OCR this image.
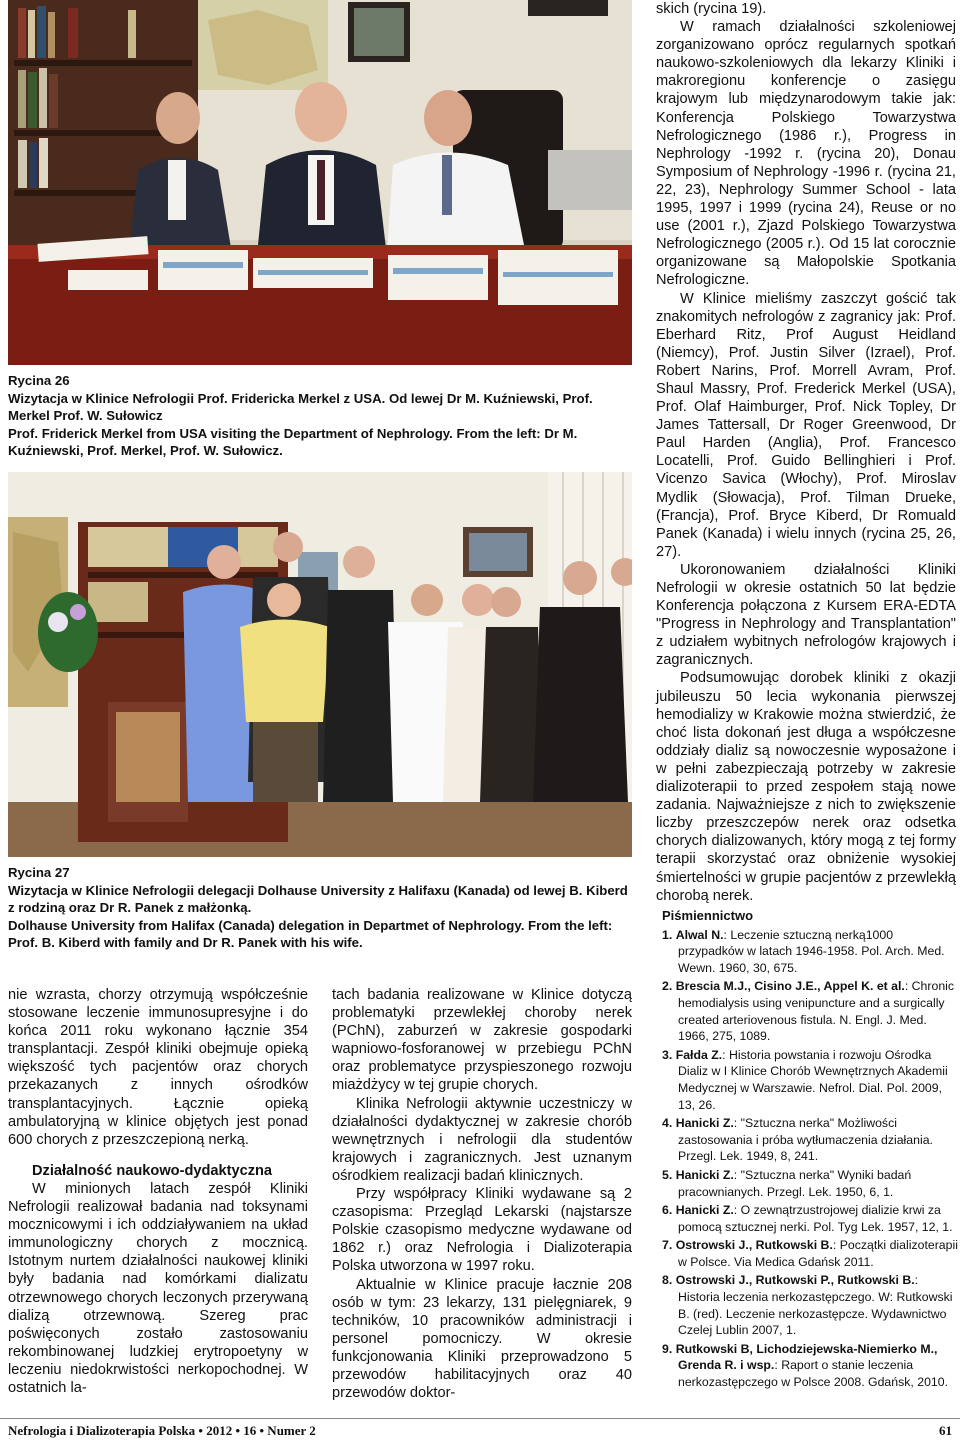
Rycina 26
Wizytacja w Klinice Nefrologii Prof. Fridericka Merkel z USA. Od lewej Dr M. Kuźniewski, Prof. Merkel Prof. W. Sułowicz

Prof. Friderick Merkel from USA visiting the Department of Nephrology. From the left: Dr M. Kuźniewski, Prof. Merkel, Prof. W. Sułowicz.

Rycina 27
Wizytacja w Klinice Nefrologii delegacji Dolhause University z Halifaxu (Kanada) od lewej B. Kiberd z rodziną oraz Dr R. Panek z małżonką.

Dolhause University from Halifax (Canada) delegation in Departmet of Nephrology. From the left: Prof. B. Kiberd with family and Dr R. Panek with his wife.

nie wzrasta, chorzy otrzymują współcześnie stosowane leczenie immunosupresyjne i do końca 2011 roku wykonano łącznie 354 transplantacji. Zespół kliniki obejmuje opieką większość tych pacjentów oraz chorych przekazanych z innych ośrodków transplantacyjnych. Łącznie opieką ambulatoryjną w klinice objętych jest ponad 600 chorych z przeszczepioną nerką.

Działalność naukowo-dydaktyczna

W minionych latach zespół Kliniki Nefrologii realizował badania nad toksynami mocznicowymi i ich oddziaływaniem na układ immunologiczny chorych z mocznicą. Istotnym nurtem działalności naukowej kliniki były badania nad komórkami dializatu otrzewnowego chorych leczonych przerywaną dializą otrzewnową. Szereg prac poświęconych zostało zastosowaniu rekombinowanej ludzkiej erytropoetyny w leczeniu niedokrwistości nerkopochodnej. W ostatnich la-

tach badania realizowane w Klinice dotyczą problematyki przewlekłej choroby nerek (PChN), zaburzeń w zakresie gospodarki wapniowo-fosforanowej w przebiegu PChN oraz problematyce przyspieszonego rozwoju miażdżycy w tej grupie chorych.

Klinika Nefrologii aktywnie uczestniczy w działalności dydaktycznej w zakresie chorób wewnętrznych i nefrologii dla studentów krajowych i zagranicznych. Jest uznanym ośrodkiem realizacji badań klinicznych.

Przy współpracy Kliniki wydawane są 2 czasopisma: Przegląd Lekarski (najstarsze Polskie czasopismo medyczne wydawane od 1862 r.) oraz Nefrologia i Dializoterapia Polska utworzona w 1997 roku.

Aktualnie w Klinice pracuje łacznie 208 osób w tym: 23 lekarzy, 131 pielęgniarek, 9 techników, 10 pracowników administracji i personel pomocniczy. W okresie funkcjonowania Kliniki przeprowadzono 5 przewodów habilitacyjnych oraz 40 przewodów doktor-

skich (rycina 19).

W ramach działalności szkoleniowej zorganizowano oprócz regularnych spotkań naukowo-szkoleniowych dla lekarzy Kliniki i makroregionu konferencje o zasięgu krajowym lub międzynarodowym takie jak: Konferencja Polskiego Towarzystwa Nefrologicznego (1986 r.), Progress in Nephrology -1992 r. (rycina 20), Donau Symposium of Nephrology -1996 r. (rycina 21, 22, 23), Nephrology Summer School - lata 1995, 1997 i 1999 (rycina 24), Reuse or no use (2001 r.), Zjazd Polskiego Towarzystwa Nefrologicznego (2005 r.). Od 15 lat corocznie organizowane są Małopolskie Spotkania Nefrologiczne.

W Klinice mieliśmy zaszczyt gościć tak znakomitych nefrologów z zagranicy jak: Prof. Eberhard Ritz, Prof August Heidland (Niemcy), Prof. Justin Silver (Izrael), Prof. Robert Narins, Prof. Morrell Avram, Prof. Shaul Massry, Prof. Frederick Merkel (USA), Prof. Olaf Haimburger, Prof. Nick Topley, Dr James Tattersall, Dr Roger Greenwood, Dr Paul Harden (Anglia), Prof. Francesco Locatelli, Prof. Guido Bellinghieri i Prof. Vicenzo Savica (Włochy), Prof. Miroslav Mydlik (Słowacja), Prof. Tilman Drueke, (Francja), Prof. Bryce Kiberd, Dr Romuald Panek (Kanada) i wielu innych (rycina 25, 26, 27).

Ukoronowaniem działalności Kliniki Nefrologii w okresie ostatnich 50 lat będzie Konferencja połączona z Kursem ERA-EDTA "Progress in Nephrology and Transplantation" z udziałem wybitnych nefrologów krajowych i zagranicznych.

Podsumowując dorobek kliniki z okazji jubileuszu 50 lecia wykonania pierwszej hemodializy w Krakowie można stwierdzić, że choć lista dokonań jest długa a współczesne oddziały dializ są nowoczesnie wyposażone i w pełni zabezpieczają potrzeby w zakresie dializoterapii to przed zespołem stają nowe zadania. Najważniejsze z nich to zwiększenie liczby przeszczepów nerek oraz odsetka chorych dializowanych, który mogą z tej formy terapii skorzystać oraz obniżenie wysokiej śmiertelności w grupie pacjentów z przewlekłą chorobą nerek.

Piśmiennictwo
1. Alwal N.: Leczenie sztuczną nerką1000 przypadków w latach 1946-1958. Pol. Arch. Med. Wewn. 1960, 30, 675.
2. Brescia M.J., Cisino J.E., Appel K. et al.: Chronic hemodialysis using venipuncture and a surgically created arteriovenous fistula. N. Engl. J. Med. 1966, 275, 1089.
3. Fałda Z.: Historia powstania i rozwoju Ośrodka Dializ w I Klinice Chorób Wewnętrznych Akademii Medycznej w Warszawie. Nefrol. Dial. Pol. 2009, 13, 26.
4. Hanicki Z.: "Sztuczna nerka" Możliwości zastosowania i próba wytłumaczenia działania. Przegl. Lek. 1949, 8, 241.
5. Hanicki Z.: "Sztuczna nerka" Wyniki badań pracownianych. Przegl. Lek. 1950, 6, 1.
6. Hanicki Z.: O zewnątrzustrojowej dializie krwi za pomocą sztucznej nerki. Pol. Tyg Lek. 1957, 12, 1.
7. Ostrowski J., Rutkowski B.: Początki dializoterapii w Polsce. Via Medica Gdańsk 2011.
8. Ostrowski J., Rutkowski P., Rutkowski B.: Historia leczenia nerkozastępczego. W: Rutkowski B. (red). Leczenie nerkozastępcze. Wydawnictwo Czelej Lublin 2007, 1.
9. Rutkowski B, Lichodziejewska-Niemierko M., Grenda R. i wsp.: Raport o stanie leczenia nerkozastępczego w Polsce 2008. Gdańsk, 2010.
Nefrologia i Dializoterapia Polska • 2012 • 16 • Numer 2	61
